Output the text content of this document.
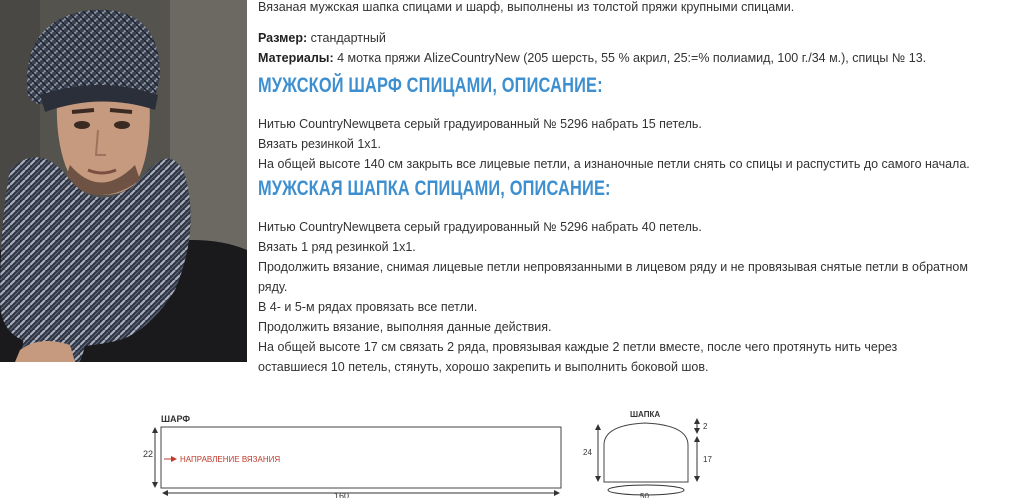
Вязаная мужская шапка спицами и шарф, выполнены из толстой пряжи крупными спицами.
Размер: стандартный
Материалы: 4 мотка пряжи AlizeCountryNew (205 шерсть, 55 % акрил, 25:=% полиамид, 100 г./34 м.), спицы № 13.
МУЖСКОЙ ШАРФ СПИЦАМИ, ОПИСАНИЕ:
Нитью CountryNewцвета серый градуированный № 5296 набрать 15 петель.
Вязать резинкой 1х1.
На общей высоте 140 см закрыть все лицевые петли, а изнаночные петли снять со спицы и распустить до самого начала.
МУЖСКАЯ ШАПКА СПИЦАМИ, ОПИСАНИЕ:
Нитью CountryNewцвета серый градуированный № 5296 набрать 40 петель.
Вязать 1 ряд резинкой 1х1.
Продолжить вязание, снимая лицевые петли непровязанными в лицевом ряду и не провязывая снятые петли в обратном
ряду.
В 4- и 5-м рядах провязать все петли.
Продолжить вязание, выполняя данные действия.
На общей высоте 17 см связать 2 ряда, провязывая каждые 2 петли вместе, после чего протянуть нить через
оставшиеся 10 петель, стянуть, хорошо закрепить и выполнить боковой шов.
ШАРФ
22
НАПРАВЛЕНИЕ ВЯЗАНИЯ
160
ШАПКА
24
2
17
50
